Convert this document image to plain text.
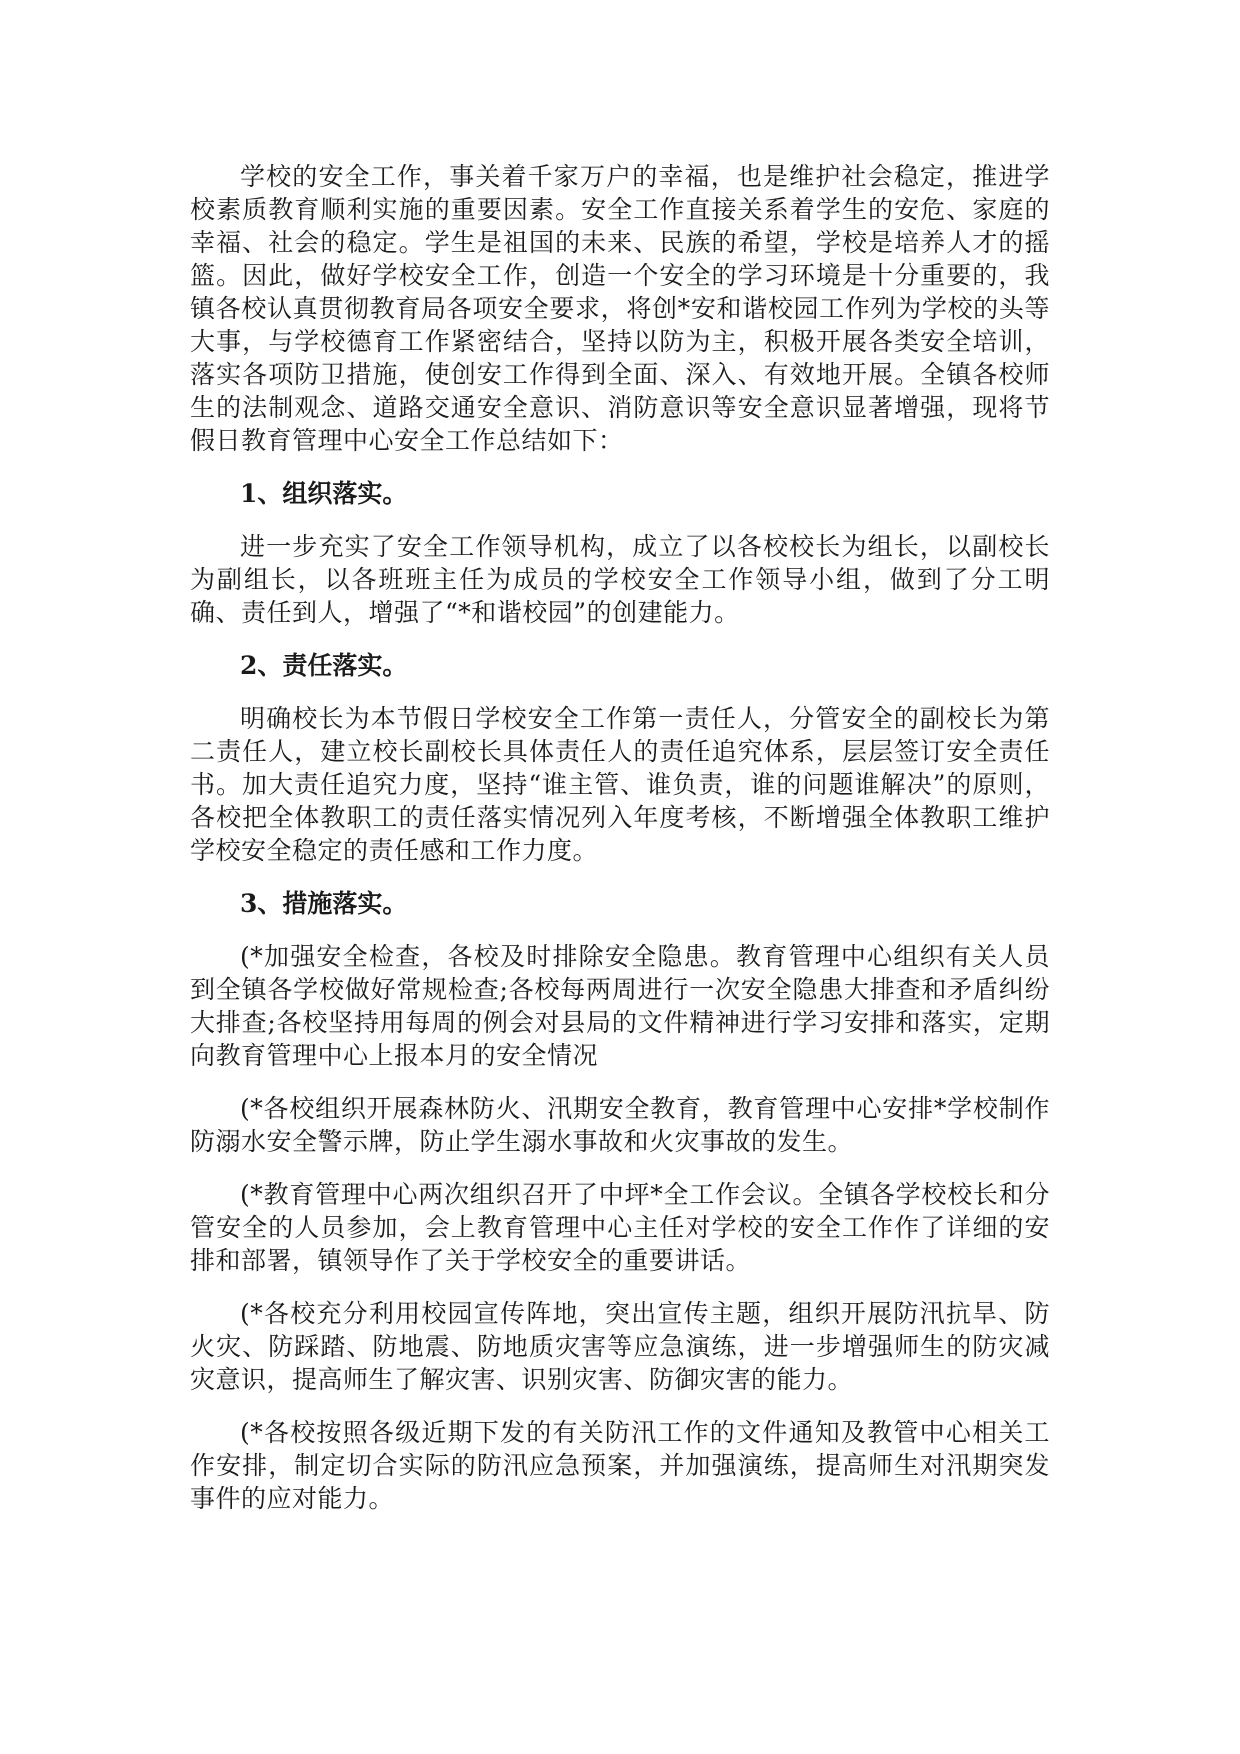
学校的安全工作，事关着千家万户的幸福，也是维护社会稳定，推进学校素质教育顺利实施的重要因素。安全工作直接关系着学生的安危、家庭的幸福、社会的稳定。学生是祖国的未来、民族的希望，学校是培养人才的摇篮。因此，做好学校安全工作，创造一个安全的学习环境是十分重要的，我镇各校认真贯彻教育局各项安全要求，将创*安和谐校园工作列为学校的头等大事，与学校德育工作紧密结合，坚持以防为主，积极开展各类安全培训，落实各项防卫措施，使创安工作得到全面、深入、有效地开展。全镇各校师生的法制观念、道路交通安全意识、消防意识等安全意识显著增强，现将节假日教育管理中心安全工作总结如下：

1、组织落实。

进一步充实了安全工作领导机构，成立了以各校校长为组长，以副校长为副组长，以各班班主任为成员的学校安全工作领导小组，做到了分工明确、责任到人，增强了“*和谐校园”的创建能力。

2、责任落实。

明确校长为本节假日学校安全工作第一责任人，分管安全的副校长为第二责任人，建立校长副校长具体责任人的责任追究体系，层层签订安全责任书。加大责任追究力度，坚持“谁主管、谁负责，谁的问题谁解决”的原则，各校把全体教职工的责任落实情况列入年度考核，不断增强全体教职工维护学校安全稳定的责任感和工作力度。

3、措施落实。

(*加强安全检查，各校及时排除安全隐患。教育管理中心组织有关人员到全镇各学校做好常规检查;各校每两周进行一次安全隐患大排查和矛盾纠纷大排查;各校坚持用每周的例会对县局的文件精神进行学习安排和落实，定期向教育管理中心上报本月的安全情况

(*各校组织开展森林防火、汛期安全教育，教育管理中心安排*学校制作防溺水安全警示牌，防止学生溺水事故和火灾事故的发生。

(*教育管理中心两次组织召开了中坪*全工作会议。全镇各学校校长和分管安全的人员参加，会上教育管理中心主任对学校的安全工作作了详细的安排和部署，镇领导作了关于学校安全的重要讲话。

(*各校充分利用校园宣传阵地，突出宣传主题，组织开展防汛抗旱、防火灾、防踩踏、防地震、防地质灾害等应急演练，进一步增强师生的防灾减灾意识，提高师生了解灾害、识别灾害、防御灾害的能力。

(*各校按照各级近期下发的有关防汛工作的文件通知及教管中心相关工作安排，制定切合实际的防汛应急预案，并加强演练，提高师生对汛期突发事件的应对能力。
